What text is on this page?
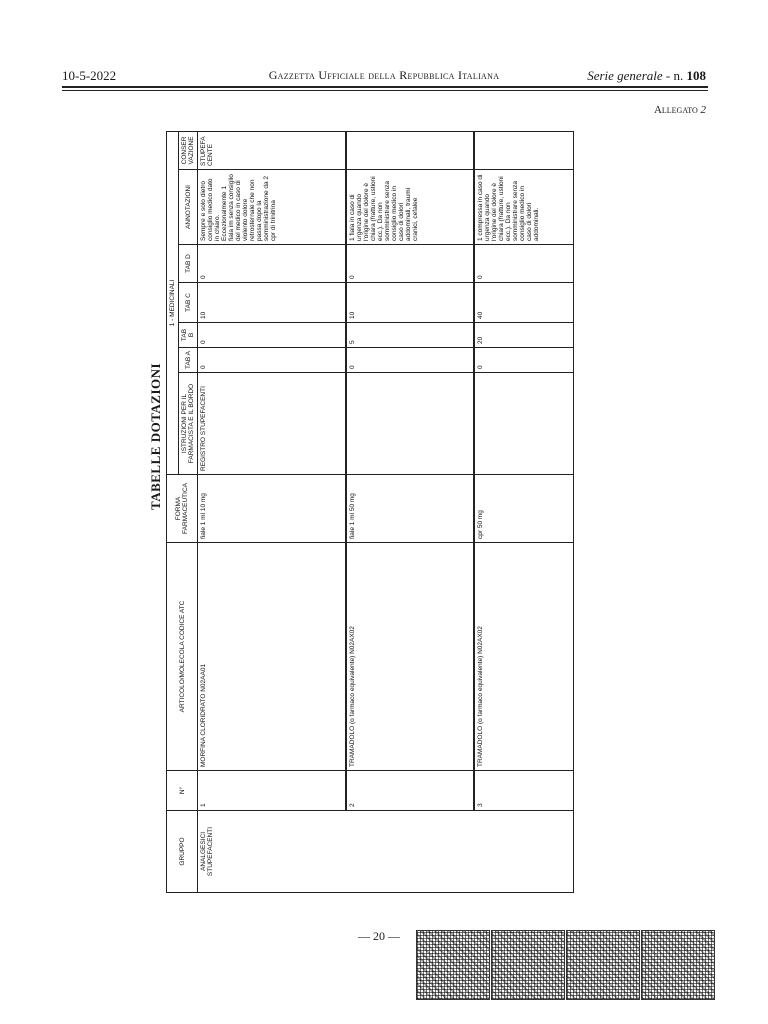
10-5-2022	Gazzetta Ufficiale della Repubblica Italiana	Serie generale - n. 108
Allegato 2
TABELLE DOTAZIONI
GRUPPO	N°	ARTICOLO/MOLECOLA CODICE ATC	FORMA FARMACEUTICA	1 - MEDICINALI						
				ISTRUZIONI PER IL FARMACISTA E IL BORDO	TAB A	TAB B	TAB C	TAB D	ANNOTAZIONI	CONSERVAZIONE
ANALGESICI STUPEFACENTI	1	MORFINA CLORIDRATO N02AA01	fiale 1 ml 10 mg	REGISTRO STUPEFACENTI	0	0	10	0	Sempre e solo dietro consiglio medico dato in chiaro. Eccezionalmente 1 fiala im senza consiglio del medico in caso di violento dolore retrosternale che non passa dopo la somministrazione da 2 cpr di trinitrina	STUPEFACENTE
	2	TRAMADOLO (o farmaco equivalente) N02AX02	fiale 1 ml 50 mg		0	5	10	0	1 fiala in caso di urgenza quando l'origine del dolore è chiara (fratture, ustioni ecc.). Da non somministrare senza consiglio medico in caso di dolori addominali, traumi cranici, cefalee	
	3	TRAMADOLO (o farmaco equivalente) N02AX02	cpr 50 mg		0	20	40	0	1 compressa in caso di urgenza quando l'origine del dolore è chiara (fratture, ustioni ecc.). Da non somministrare senza consiglio medico in caso di dolori addominali.	
— 20 —
